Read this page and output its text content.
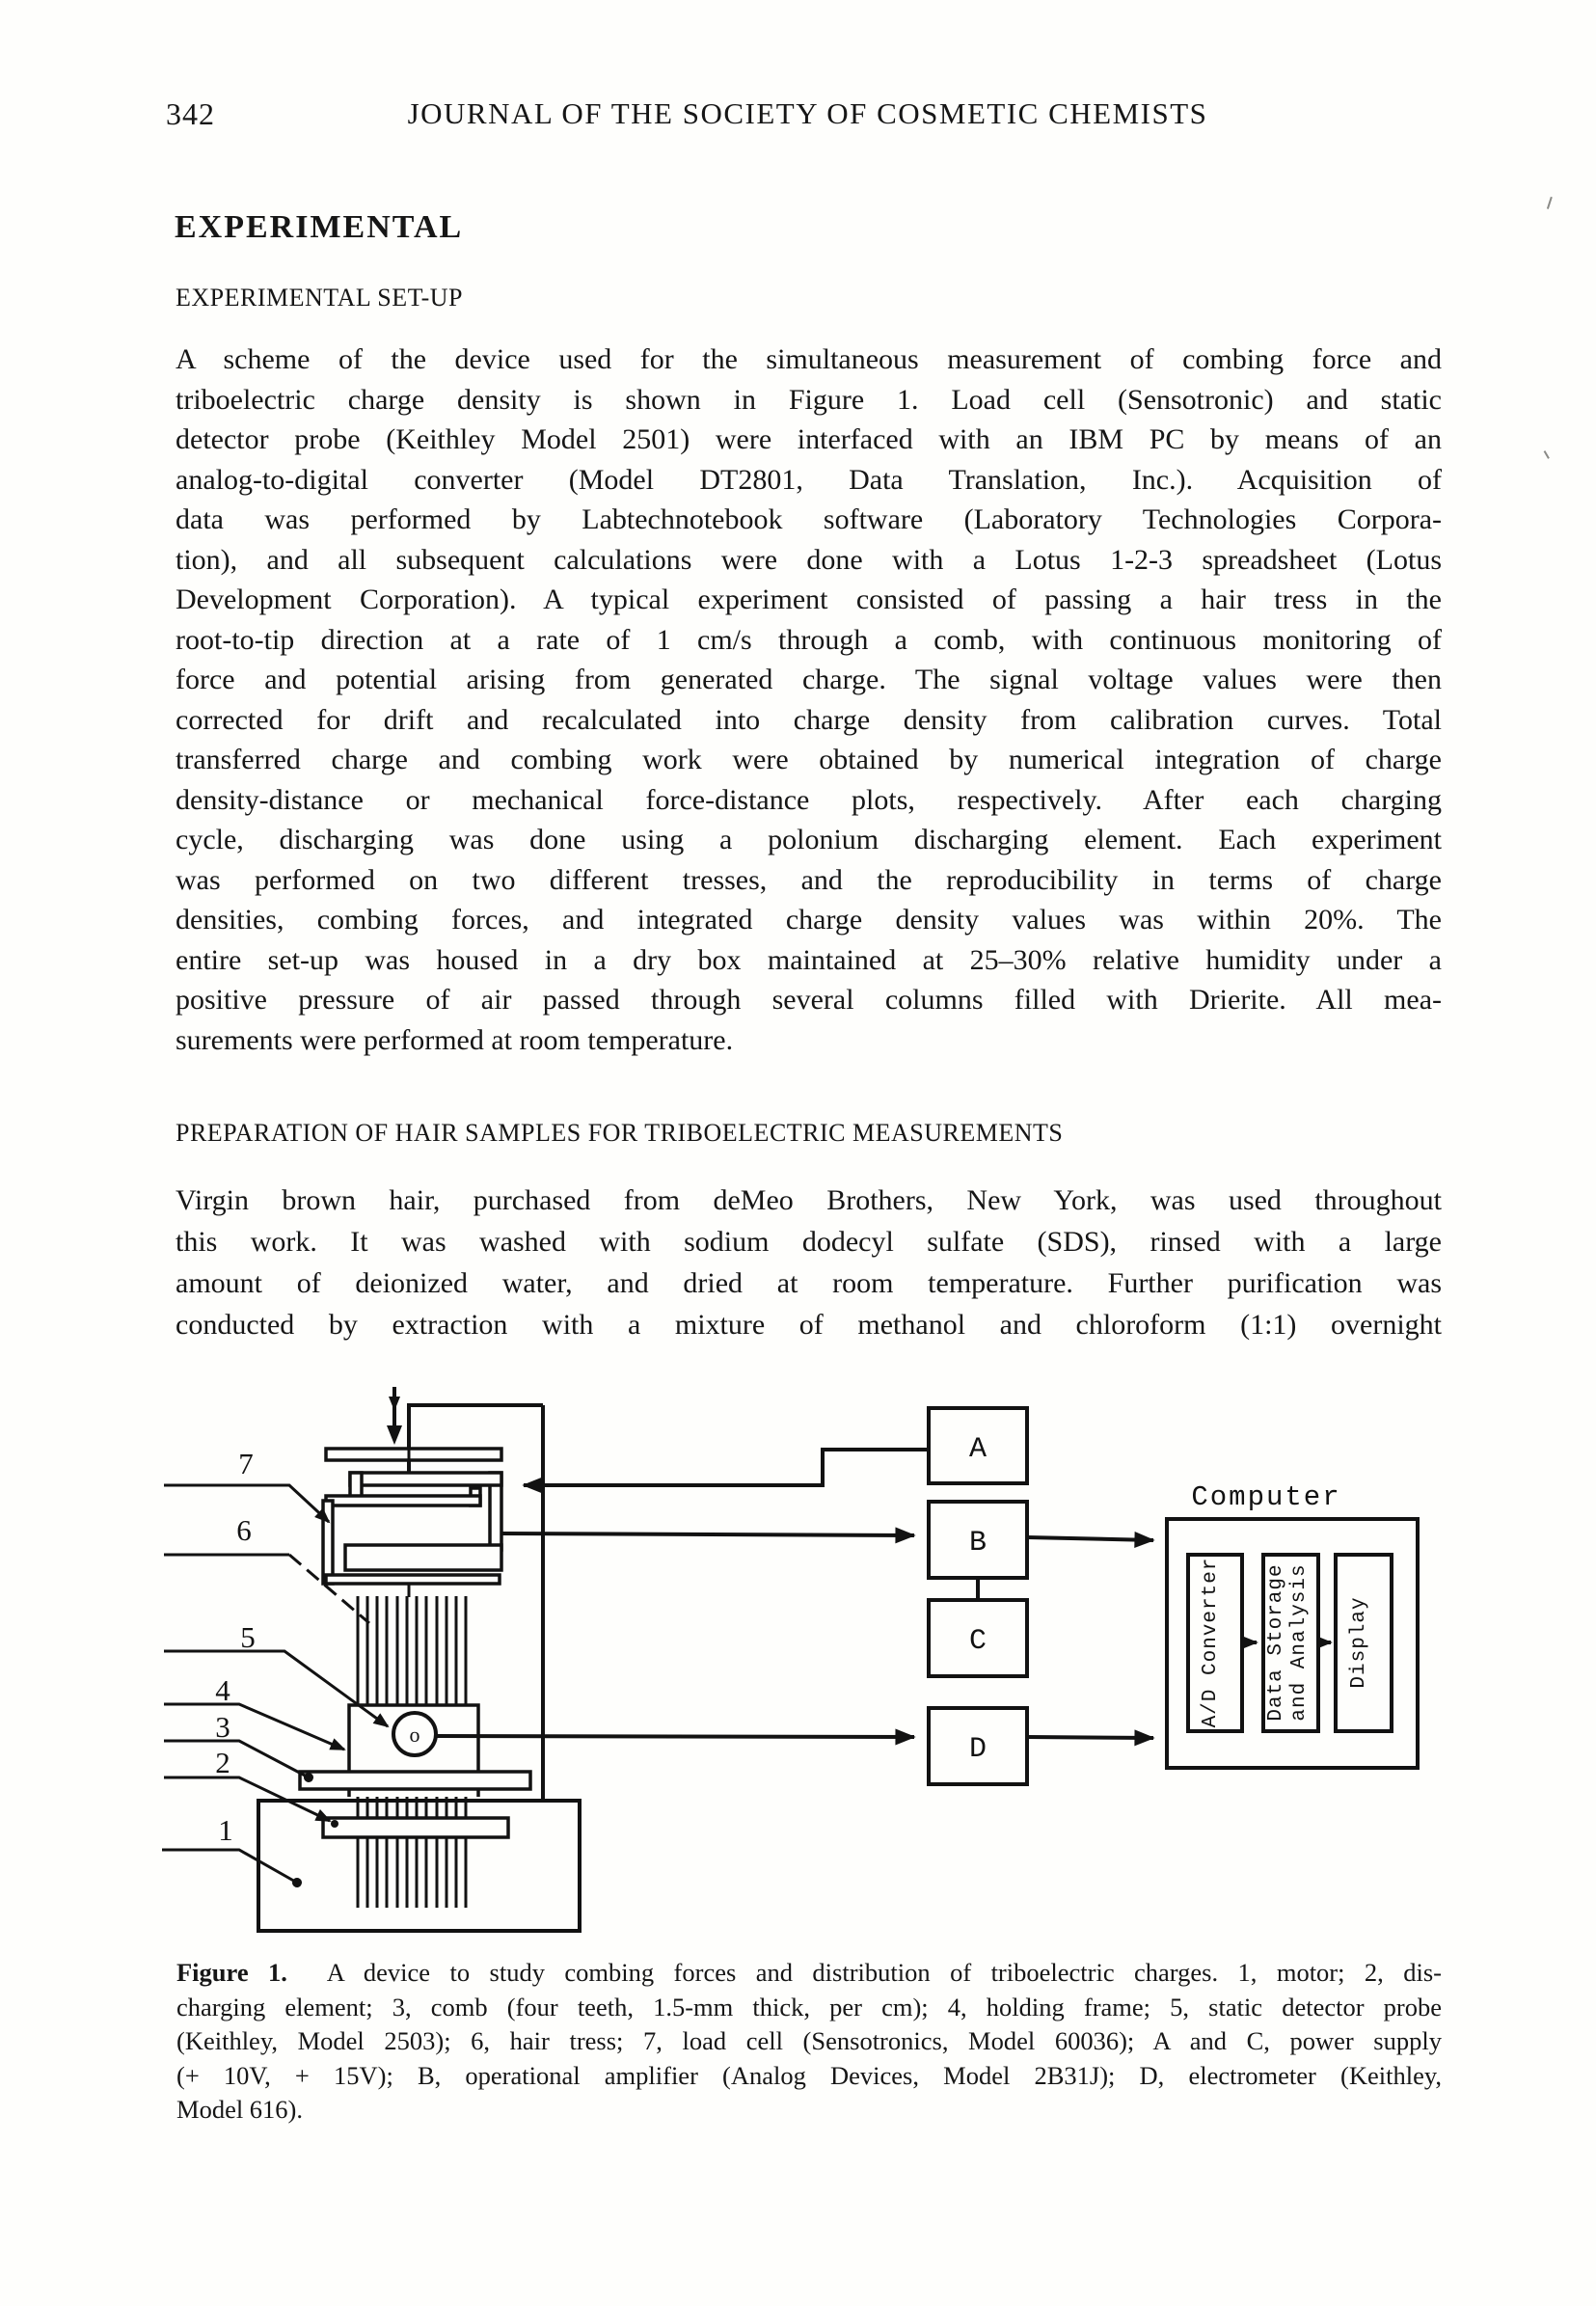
342	JOURNAL OF THE SOCIETY OF COSMETIC CHEMISTS
EXPERIMENTAL
EXPERIMENTAL SET-UP
A scheme of the device used for the simultaneous measurement of combing force and
triboelectric charge density is shown in Figure 1. Load cell (Sensotronic) and static
detector probe (Keithley Model 2501) were interfaced with an IBM PC by means of an
analog-to-digital converter (Model DT2801, Data Translation, Inc.). Acquisition of
data was performed by Labtechnotebook software (Laboratory Technologies Corpora-
tion), and all subsequent calculations were done with a Lotus 1-2-3 spreadsheet (Lotus
Development Corporation). A typical experiment consisted of passing a hair tress in the
root-to-tip direction at a rate of 1 cm/s through a comb, with continuous monitoring of
force and potential arising from generated charge. The signal voltage values were then
corrected for drift and recalculated into charge density from calibration curves. Total
transferred charge and combing work were obtained by numerical integration of charge
density-distance or mechanical force-distance plots, respectively. After each charging
cycle, discharging was done using a polonium discharging element. Each experiment
was performed on two different tresses, and the reproducibility in terms of charge
densities, combing forces, and integrated charge density values was within 20%. The
entire set-up was housed in a dry box maintained at 25–30% relative humidity under a
positive pressure of air passed through several columns filled with Drierite. All mea-
surements were performed at room temperature.
PREPARATION OF HAIR SAMPLES FOR TRIBOELECTRIC MEASUREMENTS
Virgin brown hair, purchased from deMeo Brothers, New York, was used throughout
this work. It was washed with sodium dodecyl sulfate (SDS), rinsed with a large
amount of deionized water, and dried at room temperature. Further purification was
conducted by extraction with a mixture of methanol and chloroform (1:1) overnight
o
A
B
C
D
Computer
A/D Converter Data Storage and Analysis Display
7
6
5
4
3
2
1
Figure 1. A device to study combing forces and distribution of triboelectric charges. 1, motor; 2, dis-
charging element; 3, comb (four teeth, 1.5-mm thick, per cm); 4, holding frame; 5, static detector probe
(Keithley, Model 2503); 6, hair tress; 7, load cell (Sensotronics, Model 60036); A and C, power supply
(+ 10V, + 15V); B, operational amplifier (Analog Devices, Model 2B31J); D, electrometer (Keithley,
Model 616).
